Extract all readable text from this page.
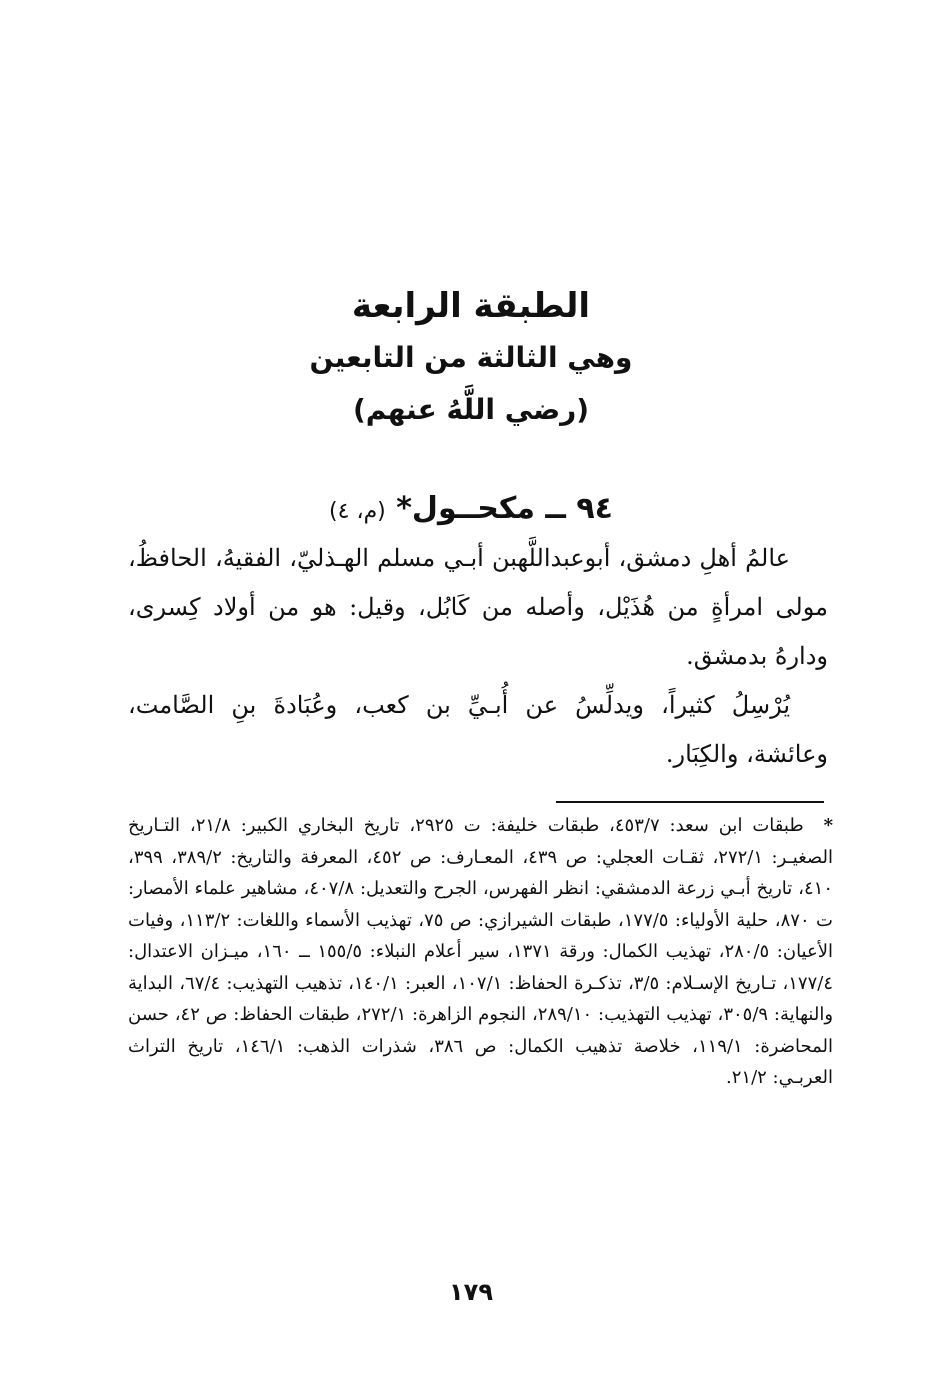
الطبقة الرابعة
وهي الثالثة من التابعين
(رضي اللَّهُ عنهم)
٩٤ ــ مكحــول* (م، ٤)

عالمُ أهلِ دمشق، أبوعبداللَّهبن أبـي مسلم الهـذليّ، الفقيهُ، الحافظُ، مولى امرأةٍ من هُذَيْل، وأصله من كَابُل، وقيل: هو من أولاد كِسرى، ودارهُ بدمشق.

يُرْسِلُ كثيراً، ويدلِّسُ عن أُبـيِّ بن كعب، وعُبَادةَ بنِ الصَّامت، وعائشة، والكِبَار.

* طبقات ابن سعد: ٤٥٣/٧، طبقات خليفة: ت ٢٩٢٥، تاريخ البخاري الكبير: ٢١/٨، التـاريخ الصغيـر: ٢٧٢/١، ثقـات العجلي: ص ٤٣٩، المعـارف: ص ٤٥٢، المعرفة والتاريخ: ٣٨٩/٢، ٣٩٩، ٤١٠، تاريخ أبـي زرعة الدمشقي: انظر الفهرس، الجرح والتعديل: ٤٠٧/٨، مشاهير علماء الأمصار: ت ٨٧٠، حلية الأولياء: ١٧٧/٥، طبقات الشيرازي: ص ٧٥، تهذيب الأسماء واللغات: ١١٣/٢، وفيات الأعيان: ٢٨٠/٥، تهذيب الكمال: ورقة ١٣٧١، سير أعلام النبلاء: ١٥٥/٥ ــ ١٦٠، ميـزان الاعتدال: ١٧٧/٤، تـاريخ الإسـلام: ٣/٥، تذكـرة الحفاظ: ١٠٧/١، العبر: ١٤٠/١، تذهيب التهذيب: ٦٧/٤، البداية والنهاية: ٣٠٥/٩، تهذيب التهذيب: ٢٨٩/١٠، النجوم الزاهرة: ٢٧٢/١، طبقات الحفاظ: ص ٤٢، حسن المحاضرة: ١١٩/١، خلاصة تذهيب الكمال: ص ٣٨٦، شذرات الذهب: ١٤٦/١، تاريخ التراث العربـي: ٢١/٢.
١٧٩
